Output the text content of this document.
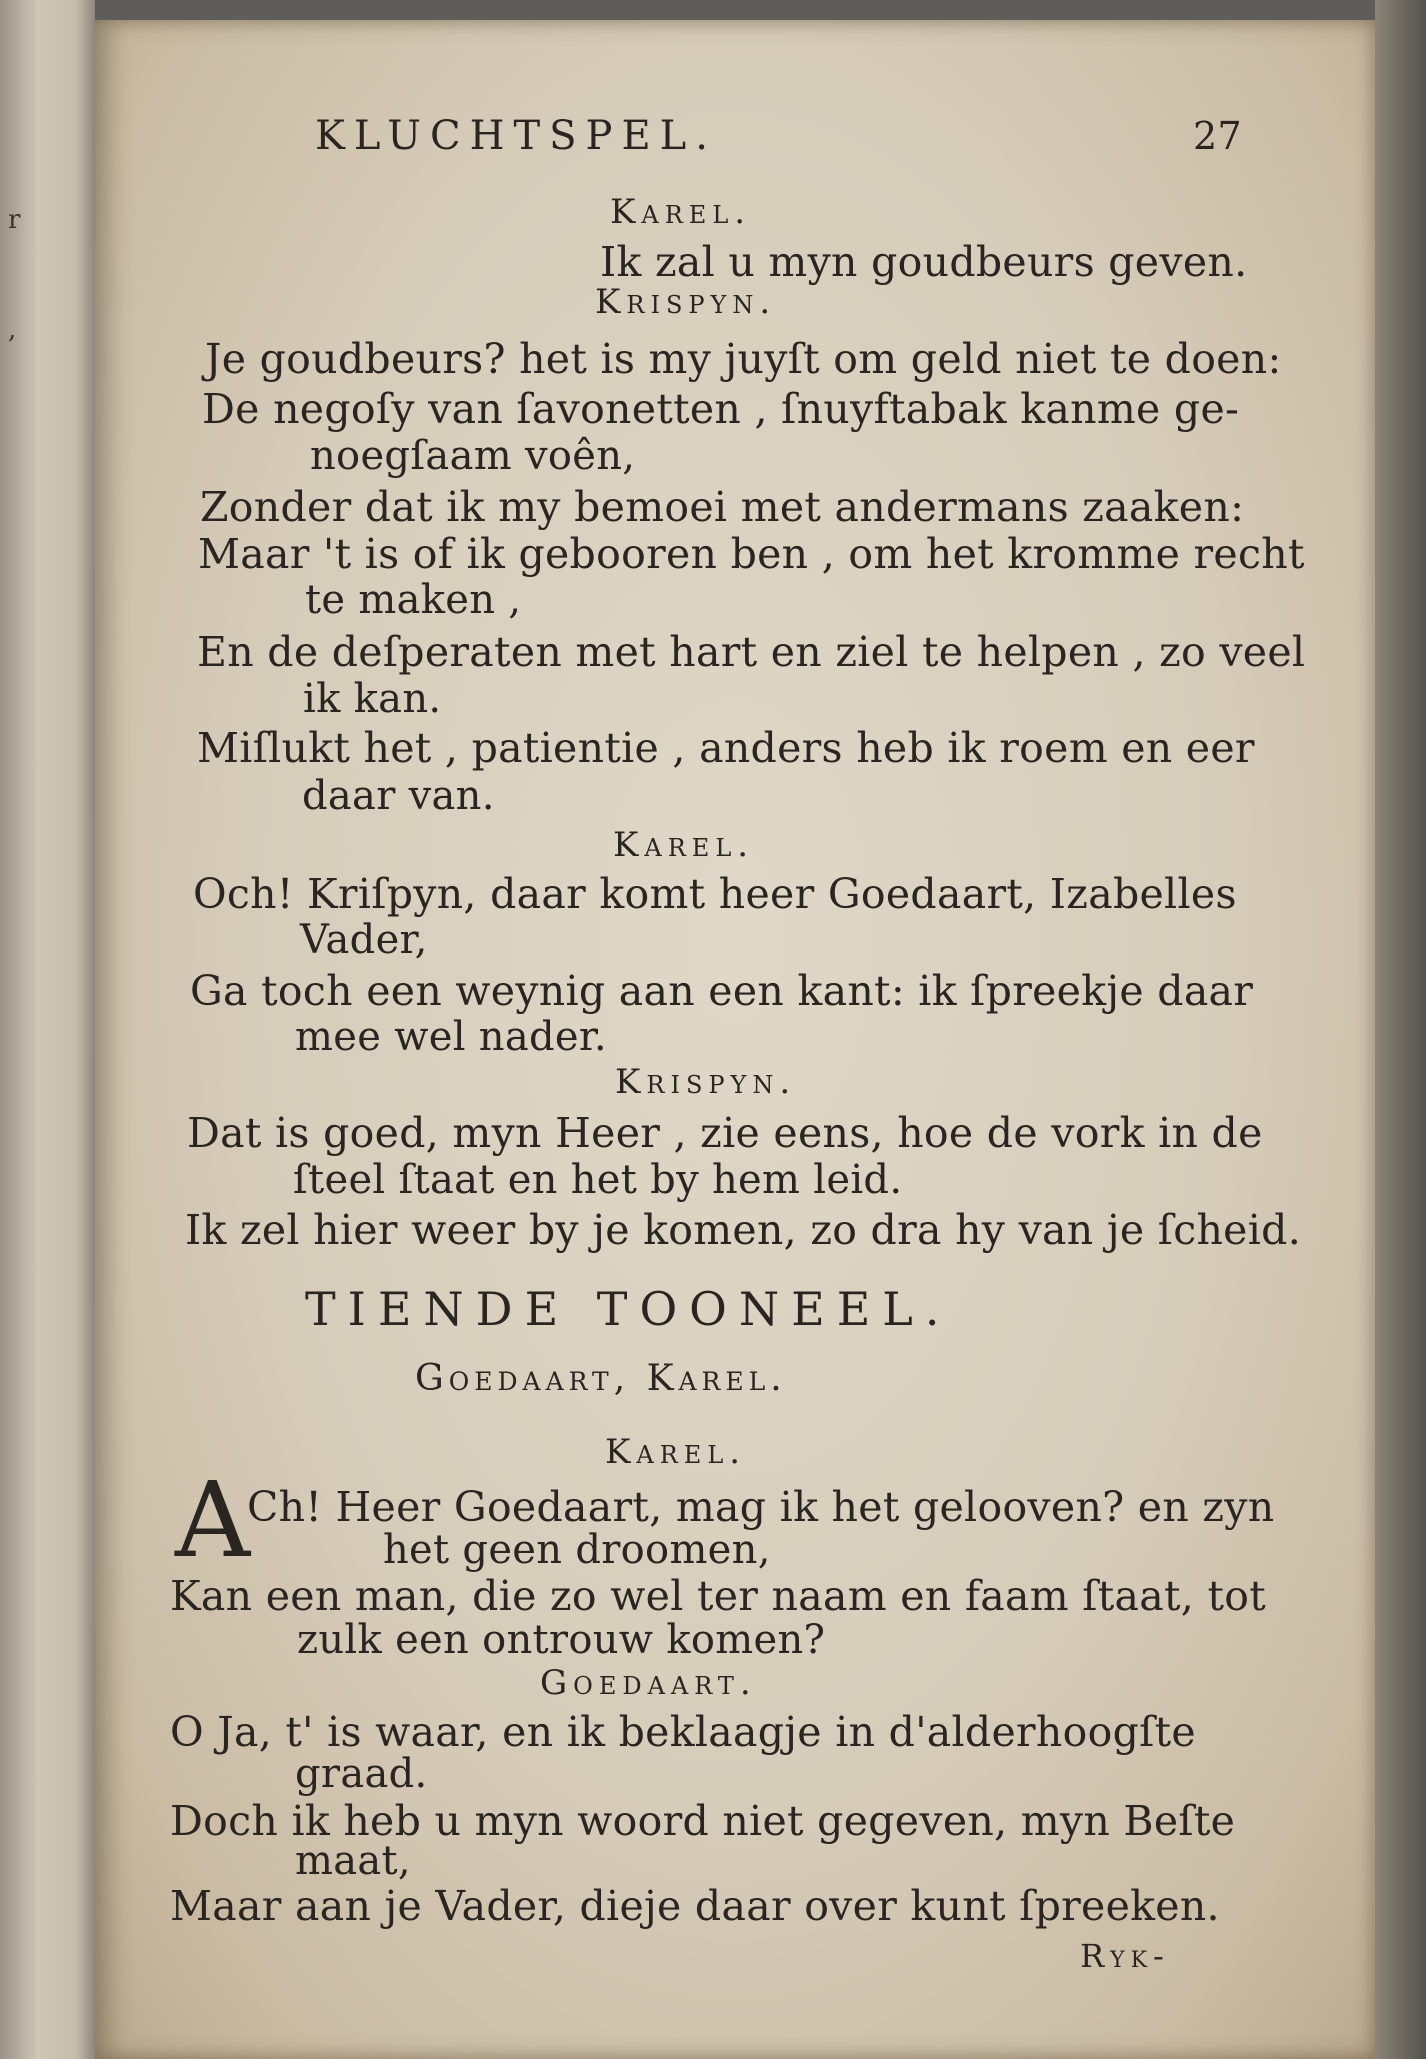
r
,
KLUCHTSPEL.	27
Karel.
Ik zal u myn goudbeurs geven.
Krispyn.
Je goudbeurs? het is my juyſt om geld niet te doen:
De negoſy van ſavonetten , ſnuyftabak kanme ge-
noegſaam voên,
Zonder dat ik my bemoei met andermans zaaken:
Maar 't is of ik gebooren ben , om het kromme recht
te maken ,
En de deſperaten met hart en ziel te helpen , zo veel
ik kan.
Miſlukt het , patientie , anders heb ik roem en eer
daar van.
Karel.
Och! Kriſpyn, daar komt heer Goedaart, Izabelles
Vader,
Ga toch een weynig aan een kant: ik ſpreekje daar
mee wel nader.
Krispyn.
Dat is goed, myn Heer , zie eens, hoe de vork in de
ſteel ſtaat en het by hem leid.
Ik zel hier weer by je komen, zo dra hy van je ſcheid.
TIENDE TOONEEL.
Goedaart, Karel.
Karel.
A
Ch! Heer Goedaart, mag ik het gelooven? en zyn
het geen droomen,
Kan een man, die zo wel ter naam en faam ſtaat, tot
zulk een ontrouw komen?
Goedaart.
O Ja, t' is waar, en ik beklaagje in d'alderhoogſte
graad.
Doch ik heb u myn woord niet gegeven, myn Beſte
maat,
Maar aan je Vader, dieje daar over kunt ſpreeken.
Ryk-
